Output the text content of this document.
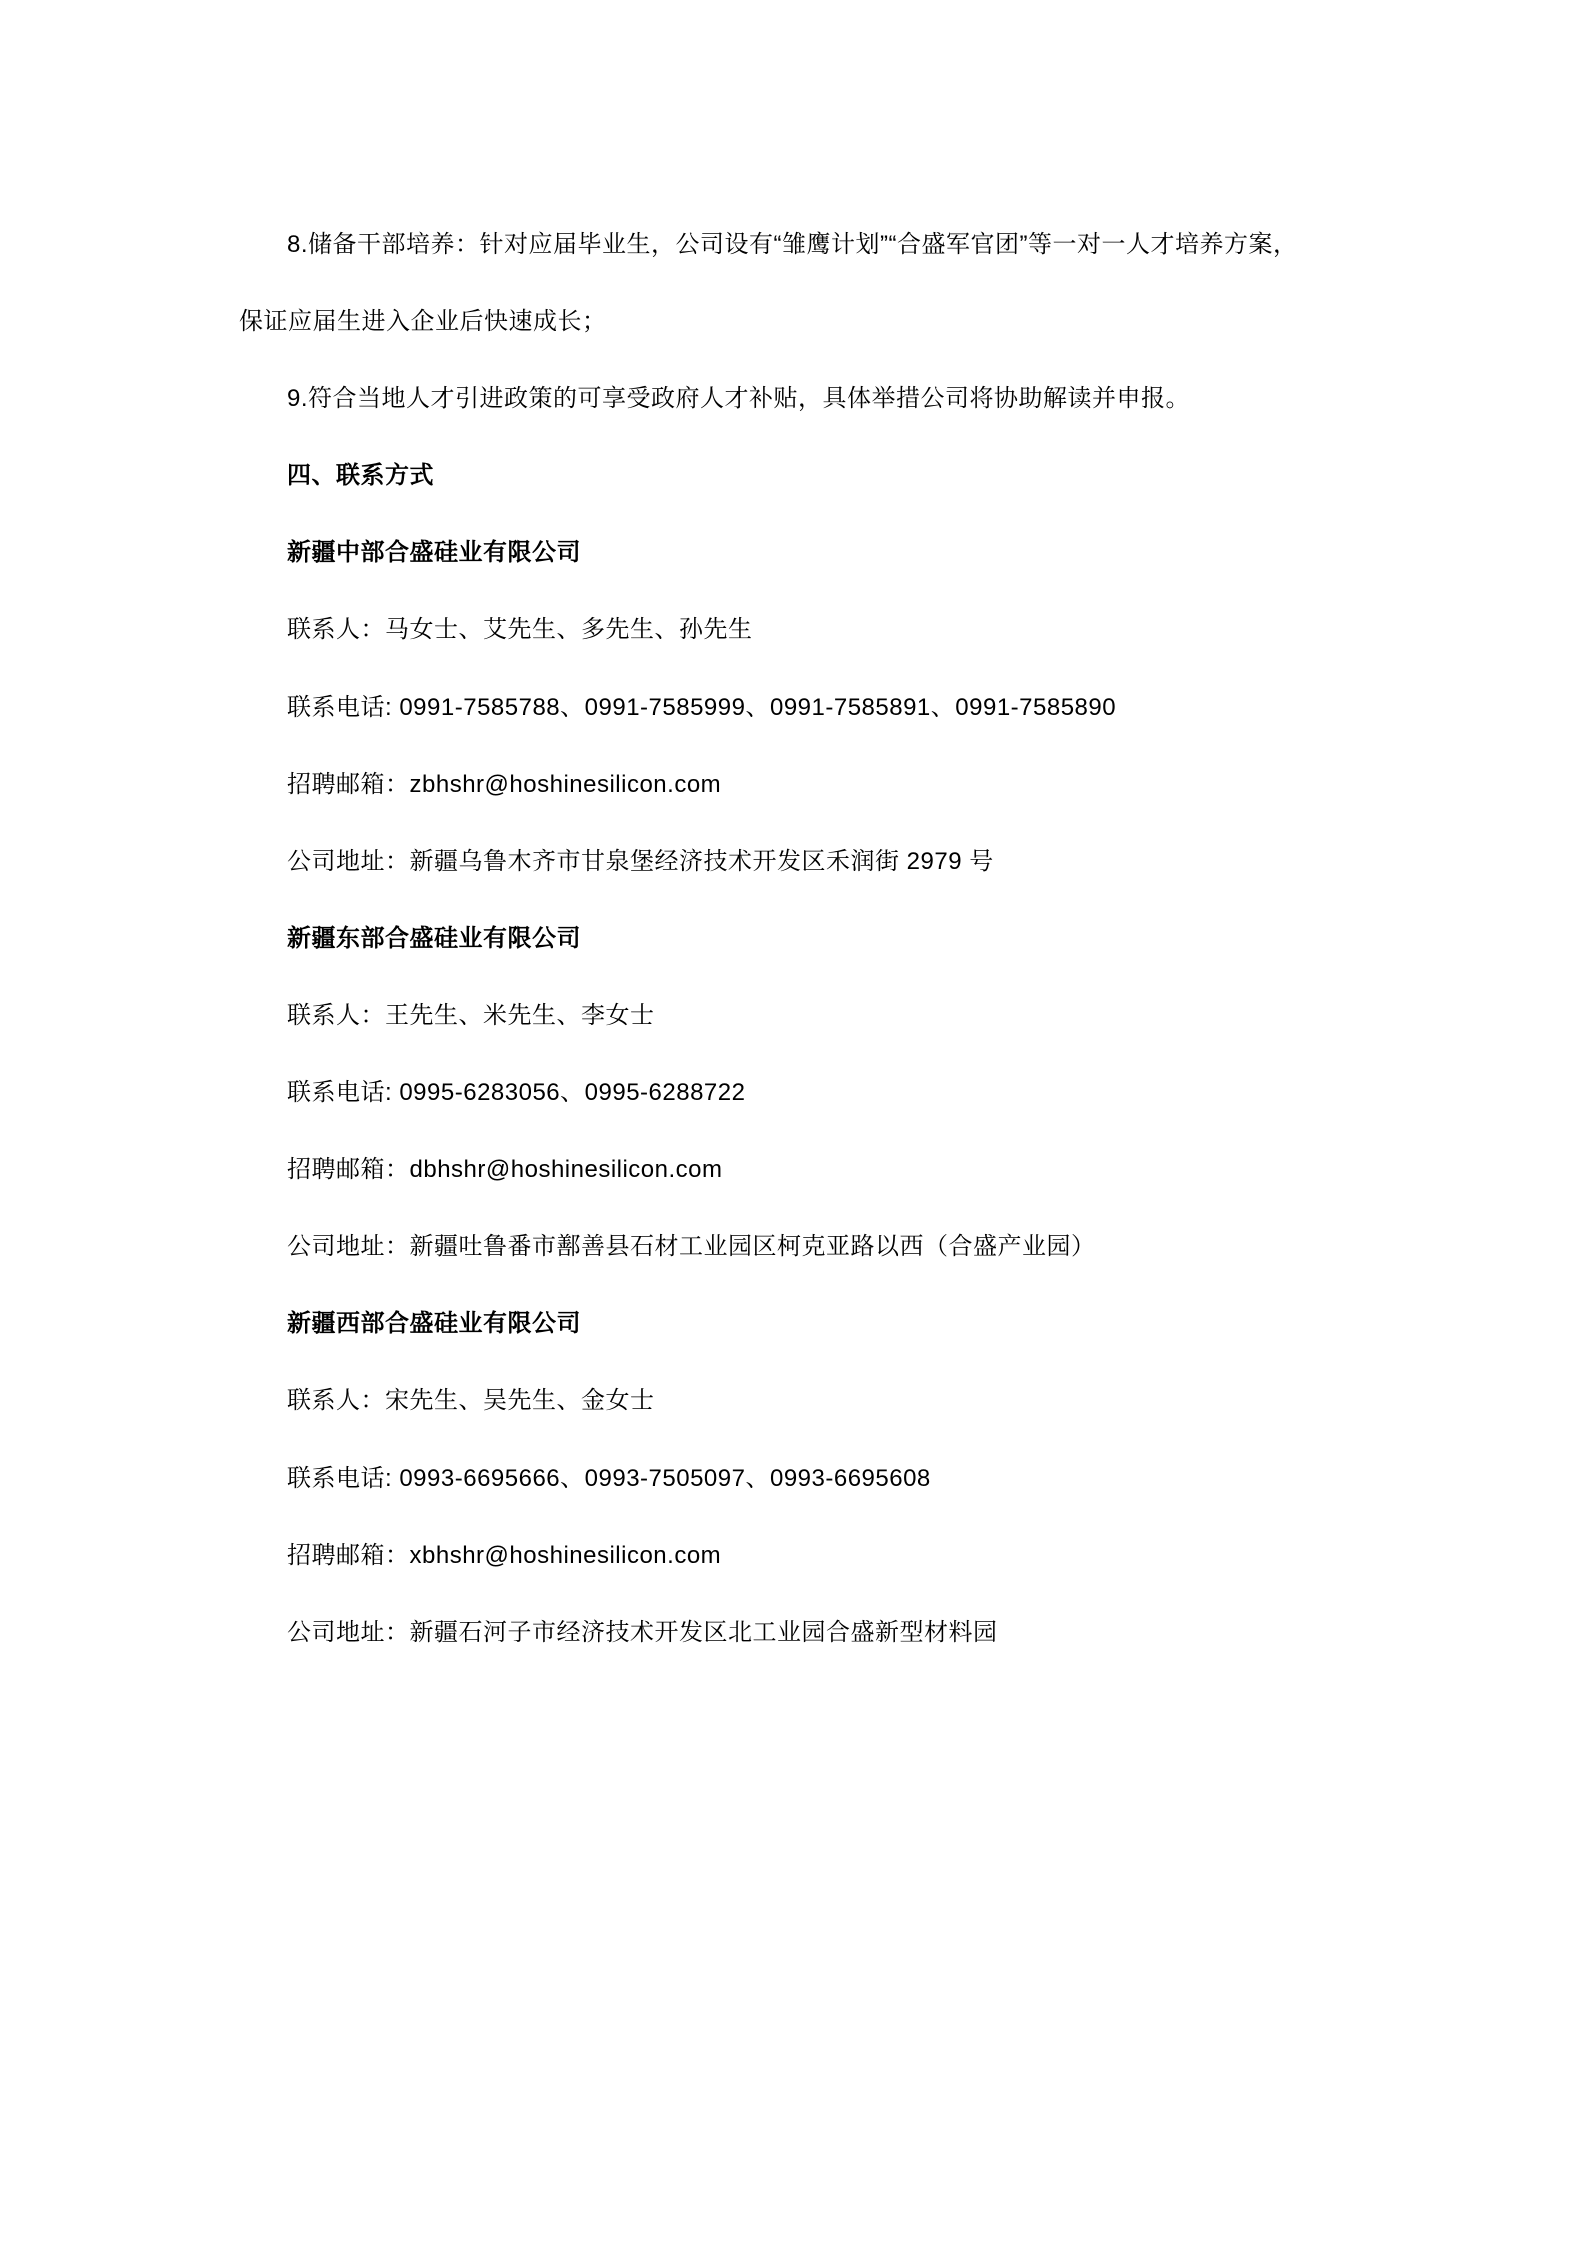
8.储备干部培养：针对应届毕业生，公司设有“雏鹰计划”“合盛军官团”等一对一人才培养方案，

保证应届生进入企业后快速成长；

9.符合当地人才引进政策的可享受政府人才补贴，具体举措公司将协助解读并申报。

四、联系方式

新疆中部合盛硅业有限公司

联系人：马女士、艾先生、多先生、孙先生

联系电话: 0991-7585788、0991-7585999、0991-7585891、0991-7585890

招聘邮箱：zbhshr@hoshinesilicon.com

公司地址：新疆乌鲁木齐市甘泉堡经济技术开发区禾润街 2979 号

新疆东部合盛硅业有限公司

联系人：王先生、米先生、李女士

联系电话: 0995-6283056、0995-6288722

招聘邮箱：dbhshr@hoshinesilicon.com

公司地址：新疆吐鲁番市鄯善县石材工业园区柯克亚路以西（合盛产业园）

新疆西部合盛硅业有限公司

联系人：宋先生、吴先生、金女士

联系电话: 0993-6695666、0993-7505097、0993-6695608

招聘邮箱：xbhshr@hoshinesilicon.com

公司地址：新疆石河子市经济技术开发区北工业园合盛新型材料园
